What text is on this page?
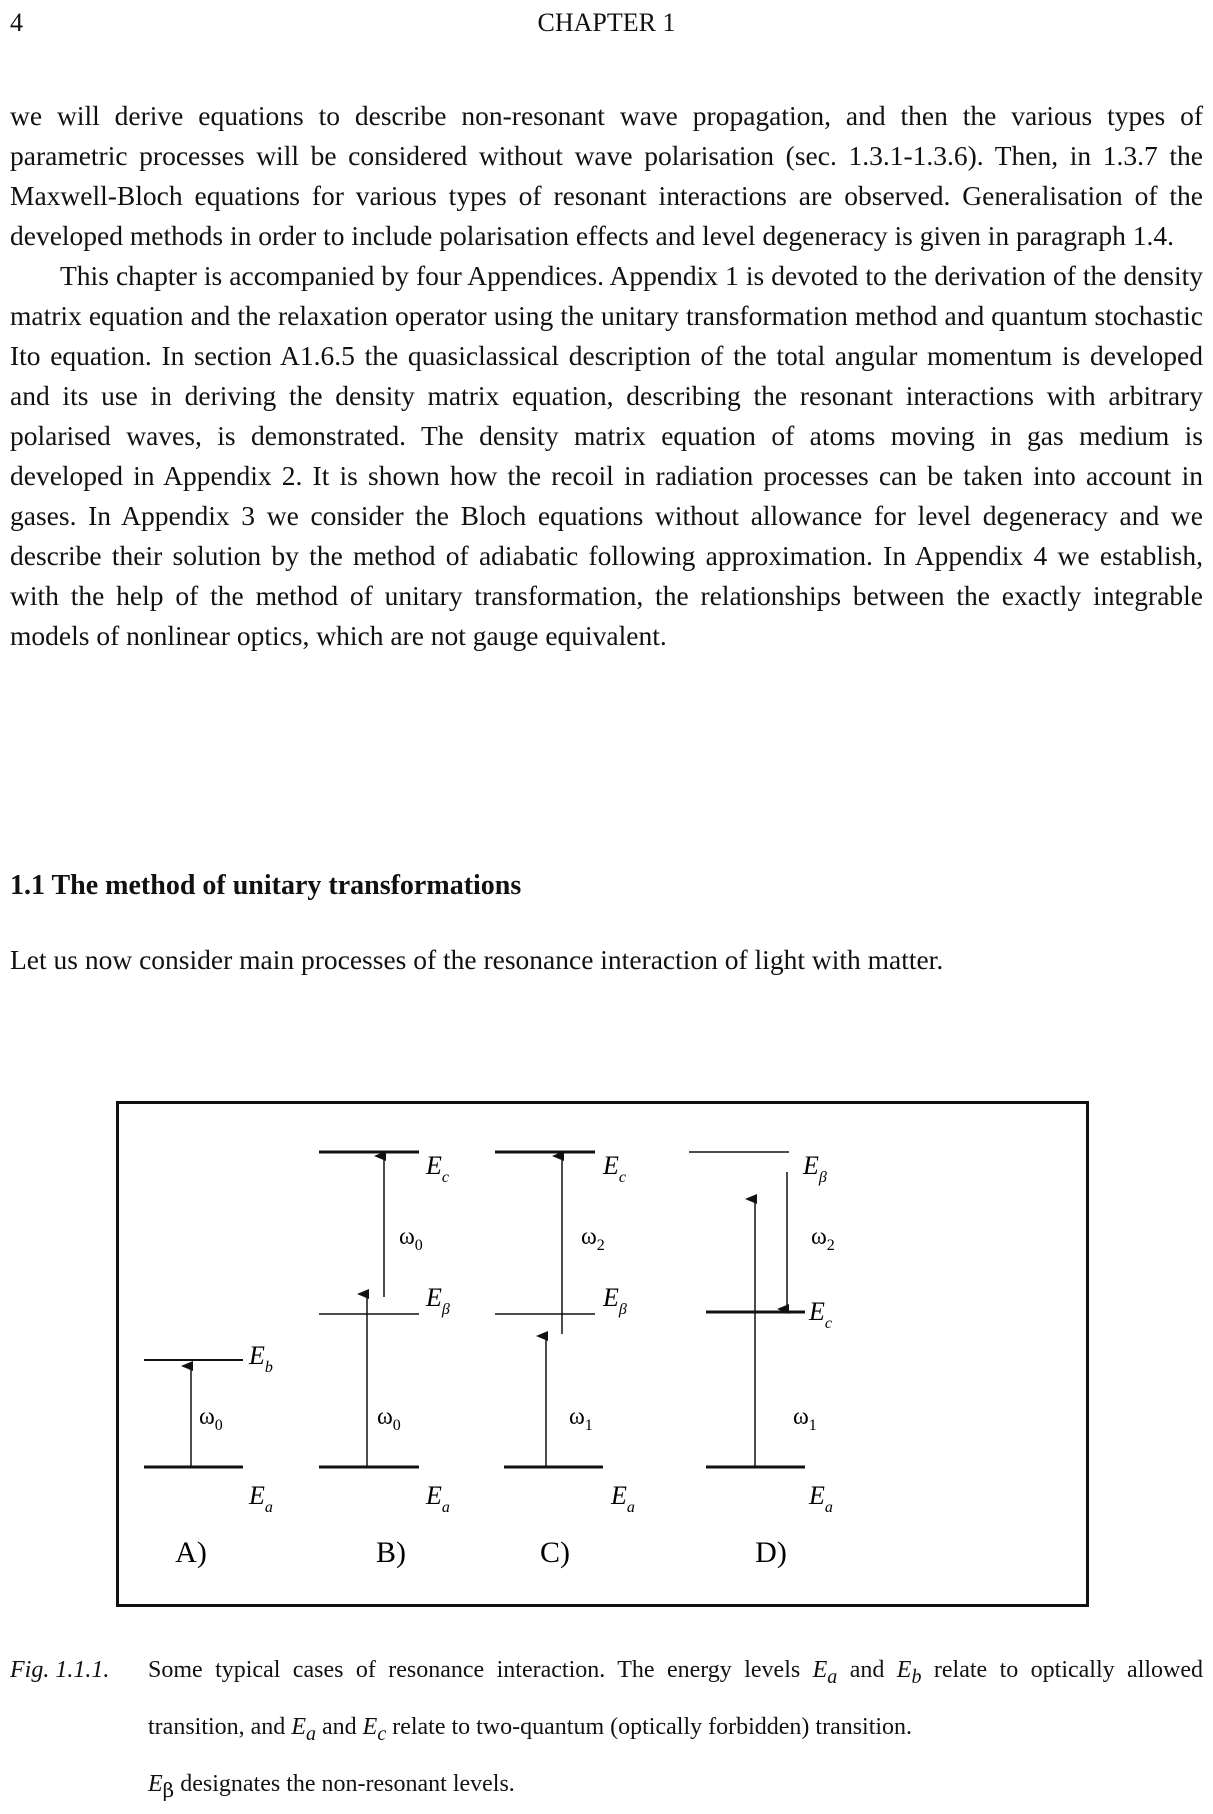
4	CHAPTER 1

we will derive equations to describe non-resonant wave propagation, and then the various types of parametric processes will be considered without wave polarisation (sec. 1.3.1-1.3.6). Then, in 1.3.7 the Maxwell-Bloch equations for various types of resonant interactions are observed. Generalisation of the developed methods in order to include polarisation effects and level degeneracy is given in paragraph 1.4.

This chapter is accompanied by four Appendices. Appendix 1 is devoted to the derivation of the density matrix equation and the relaxation operator using the unitary transformation method and quantum stochastic Ito equation. In section A1.6.5 the quasiclassical description of the total angular momentum is developed and its use in deriving the density matrix equation, describing the resonant interactions with arbitrary polarised waves, is demonstrated. The density matrix equation of atoms moving in gas medium is developed in Appendix 2. It is shown how the recoil in radiation processes can be taken into account in gases. In Appendix 3 we consider the Bloch equations without allowance for level degeneracy and we describe their solution by the method of adiabatic following approximation. In Appendix 4 we establish, with the help of the method of unitary transformation, the relationships between the exactly integrable models of nonlinear optics, which are not gauge equivalent.

1.1 The method of unitary transformations

Let us now consider main processes of the resonance interaction of light with matter.

$E_b$
$\omega_0$
$E_a$
A)
$E_c$
$\omega_0$
$E_\beta$
$\omega_0$
$E_a$
B)
$E_c$
$\omega_2$
$E_\beta$
$\omega_1$
$E_a$
C)
$E_\beta$
$\omega_2$
$E_c$
$\omega_1$
$E_a$
D)
Fig. 1.1.1. Some typical cases of resonance interaction. The energy levels $E_a$ and $E_b$ relate to optically allowed transition, and $E_a$ and $E_c$ relate to two-quantum (optically forbidden) transition.

$E_\beta$ designates the non-resonant levels.
